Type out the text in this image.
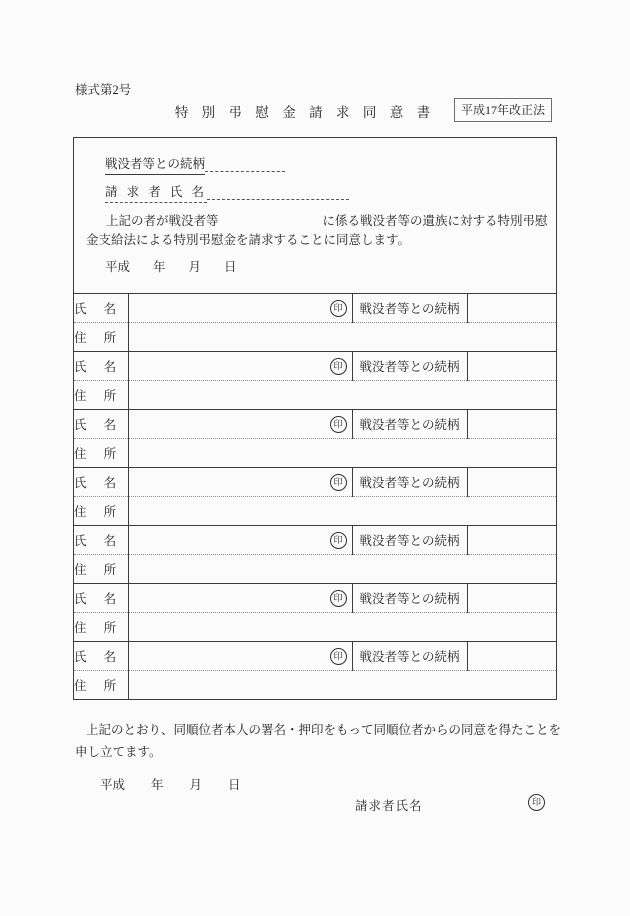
様式第2号
特 別 弔 慰 金 請 求 同 意 書	平成17年改正法
戦没者等との続柄
請 求 者 氏 名
上記の者が戦没者等	に係る戦没者等の遺族に対する特別弔慰
金支給法による特別弔慰金を請求することに同意します。
平成 年 月 日
氏 名	印	戦没者等との続柄	
住 所			
氏 名	印	戦没者等との続柄	
住 所			
氏 名	印	戦没者等との続柄	
住 所			
氏 名	印	戦没者等との続柄	
住 所			
氏 名	印	戦没者等との続柄	
住 所			
氏 名	印	戦没者等との続柄	
住 所			
氏 名	印	戦没者等との続柄	
住 所			
上記のとおり、同順位者本人の署名・押印をもって同順位者からの同意を得たことを
申し立てます。
平成 年 月 日
請求者氏名	印
